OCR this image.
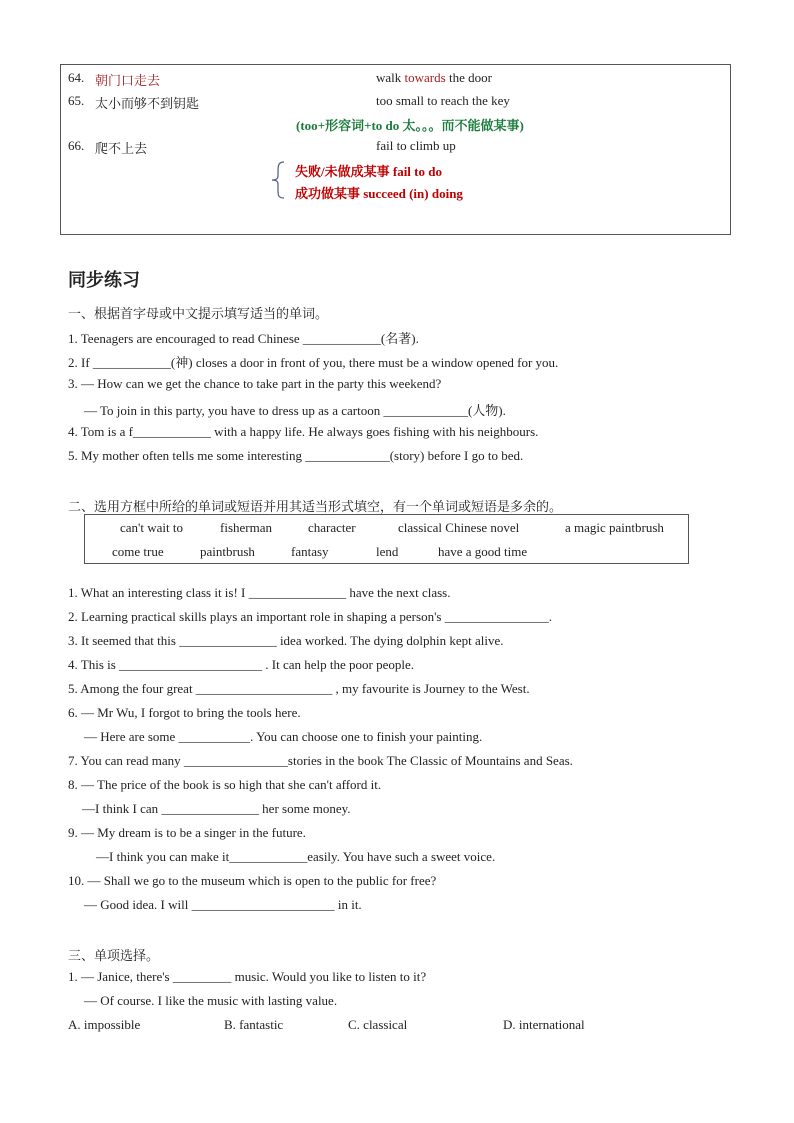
64. 朝门口走去	walk towards the door
65. 太小而够不到钥匙	too small to reach the key
(too+形容词+to do 太。。。而不能做某事)
66. 爬不上去	fail to climb up
失败/未做成某事 fail to do
成功做某事 succeed (in) doing
同步练习
一、根据首字母或中文提示填写适当的单词。
1. Teenagers are encouraged to read Chinese ____________(名著).
2. If ____________(神) closes a door in front of you, there must be a window opened for you.
3. — How can we get the chance to take part in the party this weekend?
— To join in this party, you have to dress up as a cartoon _____________(人物).
4. Tom is a f____________ with a happy life. He always goes fishing with his neighbours.
5. My mother often tells me some interesting _____________(story) before I go to bed.
二、选用方框中所给的单词或短语并用其适当形式填空，有一个单词或短语是多余的。
can't wait to	fisherman	character	classical Chinese novel	a magic paintbrush
come true	paintbrush	fantasy	lend	have a good time
1. What an interesting class it is! I _______________ have the next class.
2. Learning practical skills plays an important role in shaping a person's ________________.
3. It seemed that this _______________ idea worked. The dying dolphin kept alive.
4. This is ______________________ . It can help the poor people.
5. Among the four great _____________________ , my favourite is Journey to the West.
6. — Mr Wu, I forgot to bring the tools here.
— Here are some ___________. You can choose one to finish your painting.
7. You can read many ________________stories in the book The Classic of Mountains and Seas.
8. — The price of the book is so high that she can't afford it.
—I think I can _______________ her some money.
9. — My dream is to be a singer in the future.
—I think you can make it____________easily. You have such a sweet voice.
10. — Shall we go to the museum which is open to the public for free?
— Good idea. I will ______________________ in it.
三、单项选择。
1. — Janice, there's _________ music. Would you like to listen to it?
— Of course. I like the music with lasting value.
A. impossible	B. fantastic	C. classical	D. international
